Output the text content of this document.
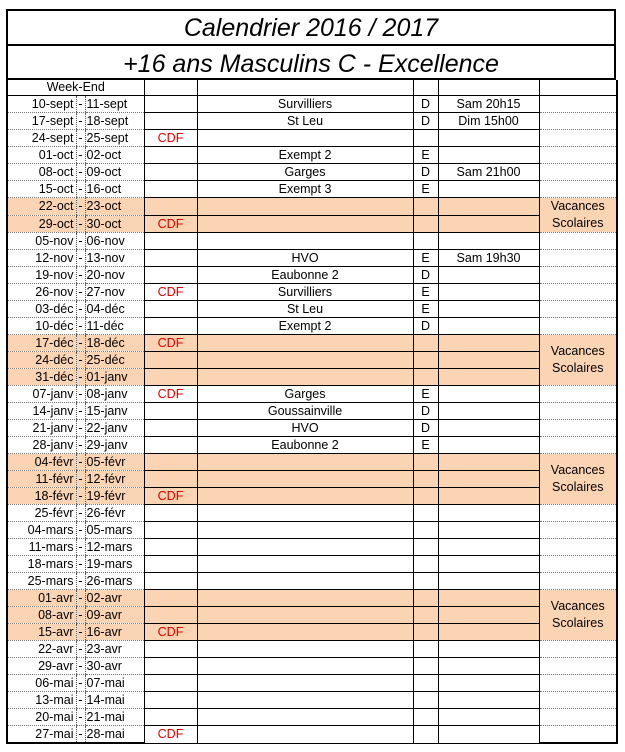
Calendrier 2016 / 2017
+16 ans Masculins C - Excellence
Week-End							
10-sept	-	11-sept		Survilliers	D	Sam 20h15	
17-sept	-	18-sept		St Leu	D	Dim 15h00	
24-sept	-	25-sept	CDF				
01-oct	-	02-oct		Exempt 2	E		
08-oct	-	09-oct		Garges	D	Sam 21h00	
15-oct	-	16-oct		Exempt 3	E		
22-oct	-	23-oct					Vacances
Scolaires

29-oct	-	30-oct	CDF				
05-nov	-	06-nov					
12-nov	-	13-nov		HVO	E	Sam 19h30	
19-nov	-	20-nov		Eaubonne 2	D		
26-nov	-	27-nov	CDF	Survilliers	E		
03-déc	-	04-déc		St Leu	E		
10-déc	-	11-déc		Exempt 2	D		
17-déc	-	18-déc	CDF				Vacances
Scolaires

24-déc	-	25-déc					
31-déc	-	01-janv					
07-janv	-	08-janv	CDF	Garges	E		
14-janv	-	15-janv		Goussainville	D		
21-janv	-	22-janv		HVO	D		
28-janv	-	29-janv		Eaubonne 2	E		
04-févr	-	05-févr					Vacances
Scolaires

11-févr	-	12-févr					
18-févr	-	19-févr	CDF				
25-févr	-	26-févr					
04-mars	-	05-mars					
11-mars	-	12-mars					
18-mars	-	19-mars					
25-mars	-	26-mars					
01-avr	-	02-avr					Vacances
Scolaires

08-avr	-	09-avr					
15-avr	-	16-avr	CDF				
22-avr	-	23-avr					
29-avr	-	30-avr					
06-mai	-	07-mai					
13-mai	-	14-mai					
20-mai	-	21-mai					
27-mai	-	28-mai	CDF				
